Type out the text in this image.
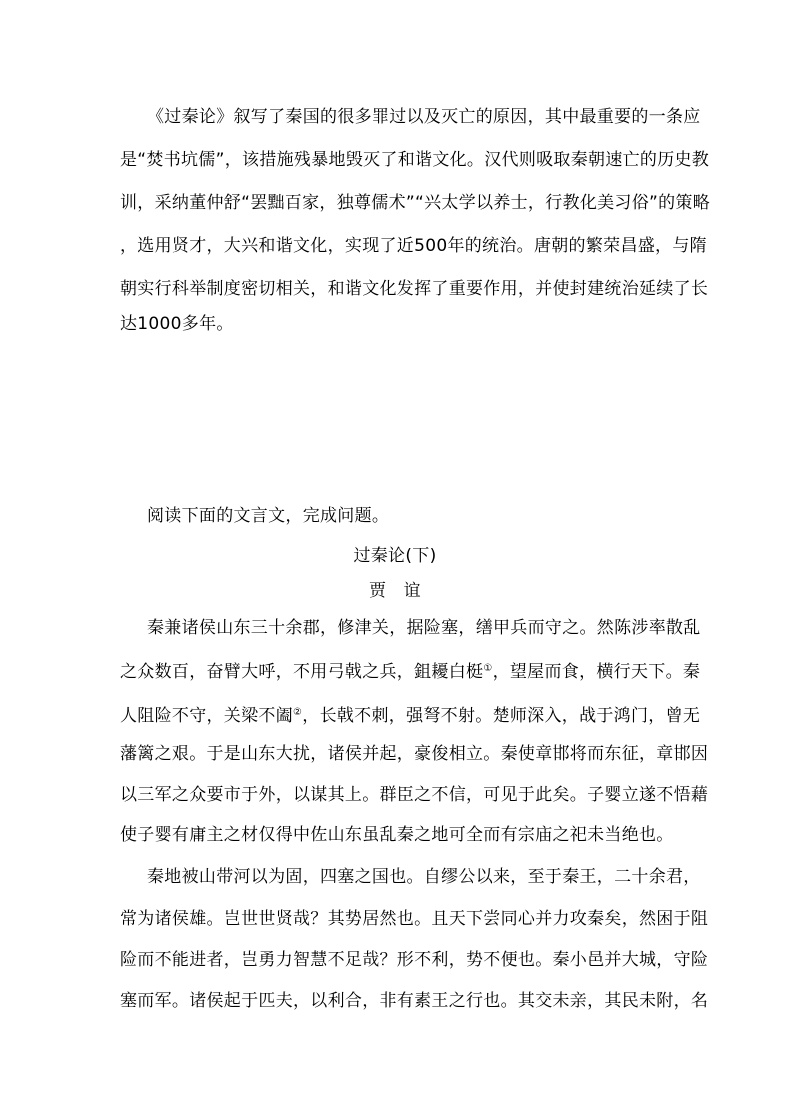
《过秦论》叙写了秦国的很多罪过以及灭亡的原因，其中最重要的一条应
是“焚书坑儒”，该措施残暴地毁灭了和谐文化。汉代则吸取秦朝速亡的历史教
训，采纳董仲舒“罢黜百家，独尊儒术”“兴太学以养士，行教化美习俗”的策略
，选用贤才，大兴和谐文化，实现了近500年的统治。唐朝的繁荣昌盛，与隋
朝实行科举制度密切相关，和谐文化发挥了重要作用，并使封建统治延续了长
达1000多年。
阅读下面的文言文，完成问题。
过秦论(下)
贾　谊
秦兼诸侯山东三十余郡，修津关，据险塞，缮甲兵而守之。然陈涉率散乱
之众数百，奋臂大呼，不用弓戟之兵，鉏耰白梃①，望屋而食，横行天下。秦
人阻险不守，关梁不阖②，长戟不刺，强弩不射。楚师深入，战于鸿门，曾无
藩篱之艰。于是山东大扰，诸侯并起，豪俊相立。秦使章邯将而东征，章邯因
以三军之众要市于外，以谋其上。群臣之不信，可见于此矣。子婴立遂不悟藉
使子婴有庸主之材仅得中佐山东虽乱秦之地可全而有宗庙之祀未当绝也。
秦地被山带河以为固，四塞之国也。自缪公以来，至于秦王，二十余君，
常为诸侯雄。岂世世贤哉？其势居然也。且天下尝同心并力攻秦矣，然困于阻
险而不能进者，岂勇力智慧不足哉？形不利，势不便也。秦小邑并大城，守险
塞而军。诸侯起于匹夫，以利合，非有素王之行也。其交未亲，其民未附，名
